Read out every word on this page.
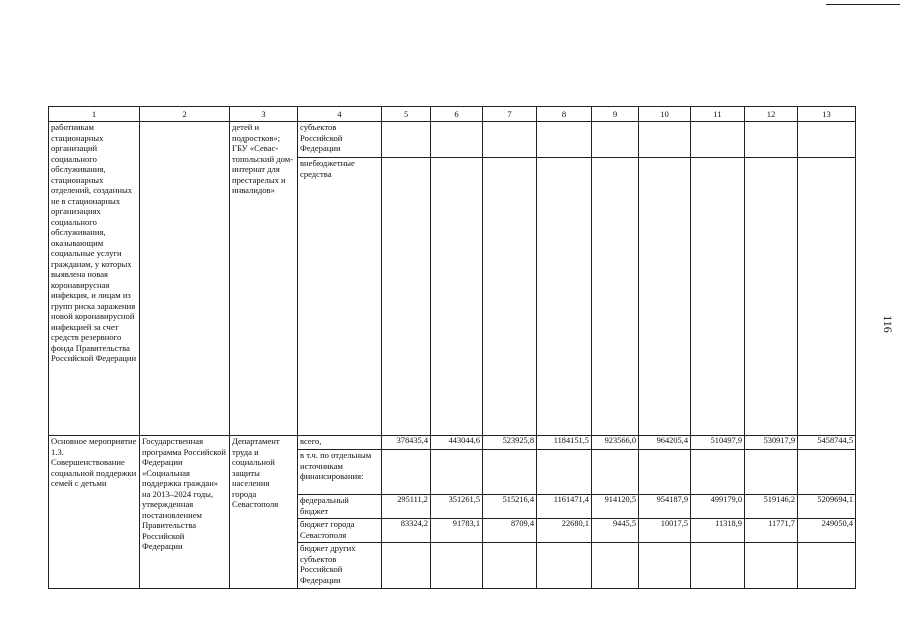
116
1	2	3	4	5	6	7	8	9	10	11	12	13
работникам стационарных организаций социального обслуживания, стационарных отделений, созданных не в стационарных организациях социального обслуживания, оказывающим социальные услуги гражданам, у которых выявлена новая коронавирусная инфекция, и лицам из групп риска заражения новой коронавирусной инфекцией за счет средств резервного фонда Правительства Российской Федерации		детей и подростков»; ГБУ «Севас-топольский дом-интернат для престарелых и инвалидов»	субъектов Российской Федерации									
			внебюджетные средства									
Основное мероприятие 1.3. Совершенствование социальной поддержки семей с детьми	Государственная программа Российской Федерации «Социальная поддержка граждан» на 2013–2024 годы, утвержденная постановлением Правительства Российской Федерации	Департамент труда и социальной защиты населения города Севастополя	всего,	378435,4	443044,6	523925,8	1184151,5	923566,0	964205,4	510497,9	530917,9	5458744,5
			в т.ч. по отдельным источникам финансирования:									
			федеральный бюджет	295111,2	351261,5	515216,4	1161471,4	914120,5	954187,9	499179,0	519146,2	5209694,1
			бюджет города Севастополя	83324,2	91783,1	8709,4	22680,1	9445,5	10017,5	11318,9	11771,7	249050,4
			бюджет других субъектов Российской Федерации									
